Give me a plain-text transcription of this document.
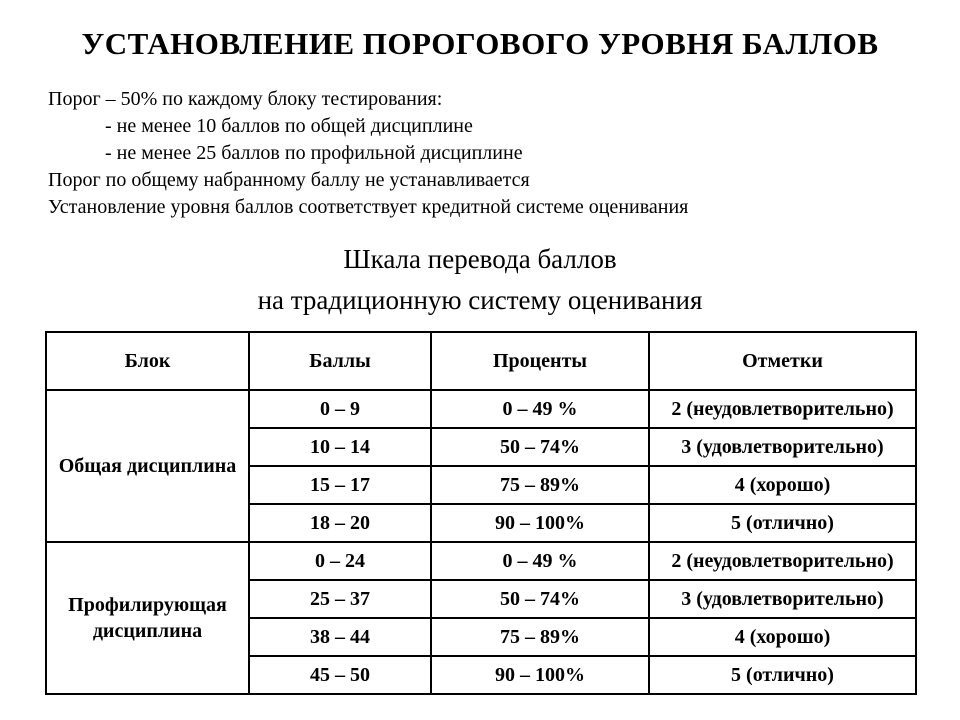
УСТАНОВЛЕНИЕ ПОРОГОВОГО УРОВНЯ БАЛЛОВ
Порог – 50% по каждому блоку тестирования:
- не менее 10 баллов по общей дисциплине
- не менее 25 баллов по профильной дисциплине
Порог по общему набранному баллу не устанавливается
Установление уровня баллов соответствует кредитной системе оценивания
Шкала перевода баллов
на традиционную систему оценивания
Блок	Баллы	Проценты	Отметки
Общая дисциплина	0 – 9	0 – 49 %	2 (неудовлетворительно)
	10 – 14	50 – 74%	3 (удовлетворительно)
	15 – 17	75 – 89%	4 (хорошо)
	18 – 20	90 – 100%	5 (отлично)
Профилирующая дисциплина	0 – 24	0 – 49 %	2 (неудовлетворительно)
	25 – 37	50 – 74%	3 (удовлетворительно)
	38 – 44	75 – 89%	4 (хорошо)
	45 – 50	90 – 100%	5 (отлично)
